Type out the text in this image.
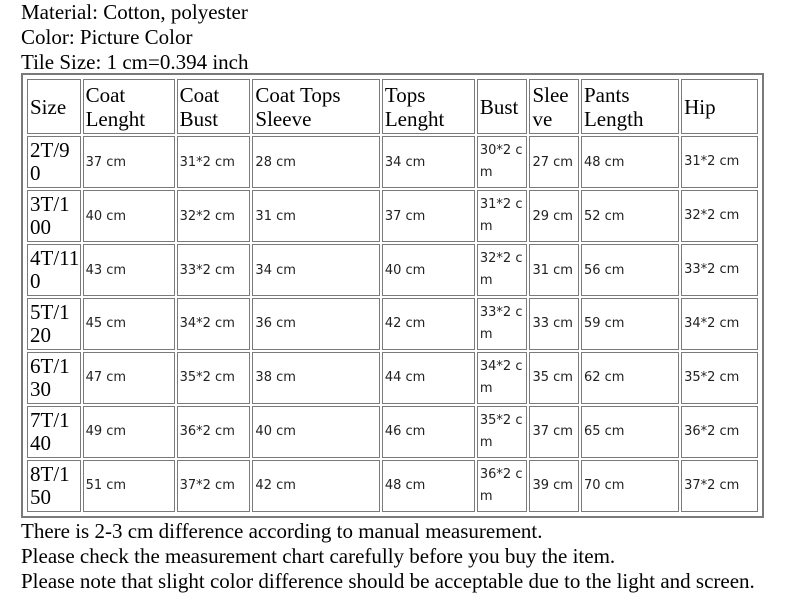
Material: Cotton, polyester
Color: Picture Color
Tile Size: 1 cm=0.394 inch
Size	Coat Lenght	Coat Bust	Coat Tops Sleeve	Tops Lenght	Bust	Sleeve	Pants Length	Hip
2T/90	37 cm	31*2 cm	28 cm	34 cm	30*2 cm	27 cm	48 cm	31*2 cm
3T/100	40 cm	32*2 cm	31 cm	37 cm	31*2 cm	29 cm	52 cm	32*2 cm
4T/110	43 cm	33*2 cm	34 cm	40 cm	32*2 cm	31 cm	56 cm	33*2 cm
5T/120	45 cm	34*2 cm	36 cm	42 cm	33*2 cm	33 cm	59 cm	34*2 cm
6T/130	47 cm	35*2 cm	38 cm	44 cm	34*2 cm	35 cm	62 cm	35*2 cm
7T/140	49 cm	36*2 cm	40 cm	46 cm	35*2 cm	37 cm	65 cm	36*2 cm
8T/150	51 cm	37*2 cm	42 cm	48 cm	36*2 cm	39 cm	70 cm	37*2 cm
There is 2-3 cm difference according to manual measurement.
Please check the measurement chart carefully before you buy the item.
Please note that slight color difference should be acceptable due to the light and screen.
